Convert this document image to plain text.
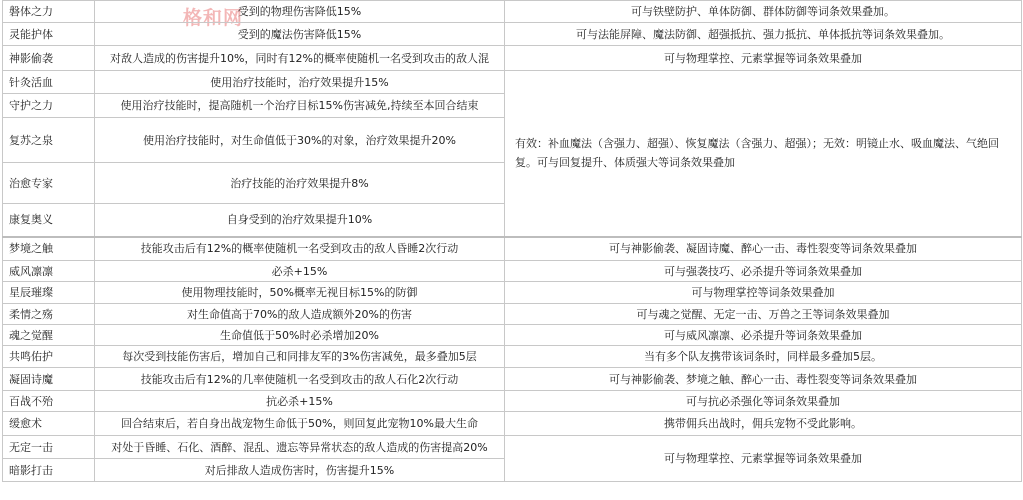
格和网
磐体之力	受到的物理伤害降低15%	可与铁壁防护、单体防御、群体防御等词条效果叠加。
灵能护体	受到的魔法伤害降低15%	可与法能屏障、魔法防御、超强抵抗、强力抵抗、单体抵抗等词条效果叠加。
神影偷袭	对敌人造成的伤害提升10%，同时有12%的概率使随机一名受到攻击的敌人混	可与物理掌控、元素掌握等词条效果叠加
针灸活血	使用治疗技能时，治疗效果提升15%	有效：补血魔法（含强力、超强）、恢复魔法（含强力、超强）；无效：明镜止水、吸血魔法、气绝回复。可与回复提升、体质强大等词条效果叠加
守护之力	使用治疗技能时，提高随机一个治疗目标15%伤害减免,持续至本回合结束	
复苏之泉	使用治疗技能时，对生命值低于30%的对象，治疗效果提升20%	
治愈专家	治疗技能的治疗效果提升8%	
康复奥义	自身受到的治疗效果提升10%	
梦境之触	技能攻击后有12%的概率使随机一名受到攻击的敌人昏睡2次行动	可与神影偷袭、凝固诗魔、醉心一击、毒性裂变等词条效果叠加
威风凛凛	必杀+15%	可与强袭技巧、必杀提升等词条效果叠加
星辰璀璨	使用物理技能时，50%概率无视目标15%的防御	可与物理掌控等词条效果叠加
柔情之殇	对生命值高于70%的敌人造成额外20%的伤害	可与魂之觉醒、无定一击、万兽之王等词条效果叠加
魂之觉醒	生命值低于50%时必杀增加20%	可与威风凛凛、必杀提升等词条效果叠加
共鸣佑护	每次受到技能伤害后，增加自己和同排友军的3%伤害减免，最多叠加5层	当有多个队友携带该词条时，同样最多叠加5层。
凝固诗魔	技能攻击后有12%的几率使随机一名受到攻击的敌人石化2次行动	可与神影偷袭、梦境之触、醉心一击、毒性裂变等词条效果叠加
百战不殆	抗必杀+15%	可与抗必杀强化等词条效果叠加
缓愈术	回合结束后，若自身出战宠物生命低于50%，则回复此宠物10%最大生命	携带佣兵出战时，佣兵宠物不受此影响。
无定一击	对处于昏睡、石化、酒醉、混乱、遗忘等异常状态的敌人造成的伤害提高20%	可与物理掌控、元素掌握等词条效果叠加
暗影打击	对后排敌人造成伤害时，伤害提升15%	
